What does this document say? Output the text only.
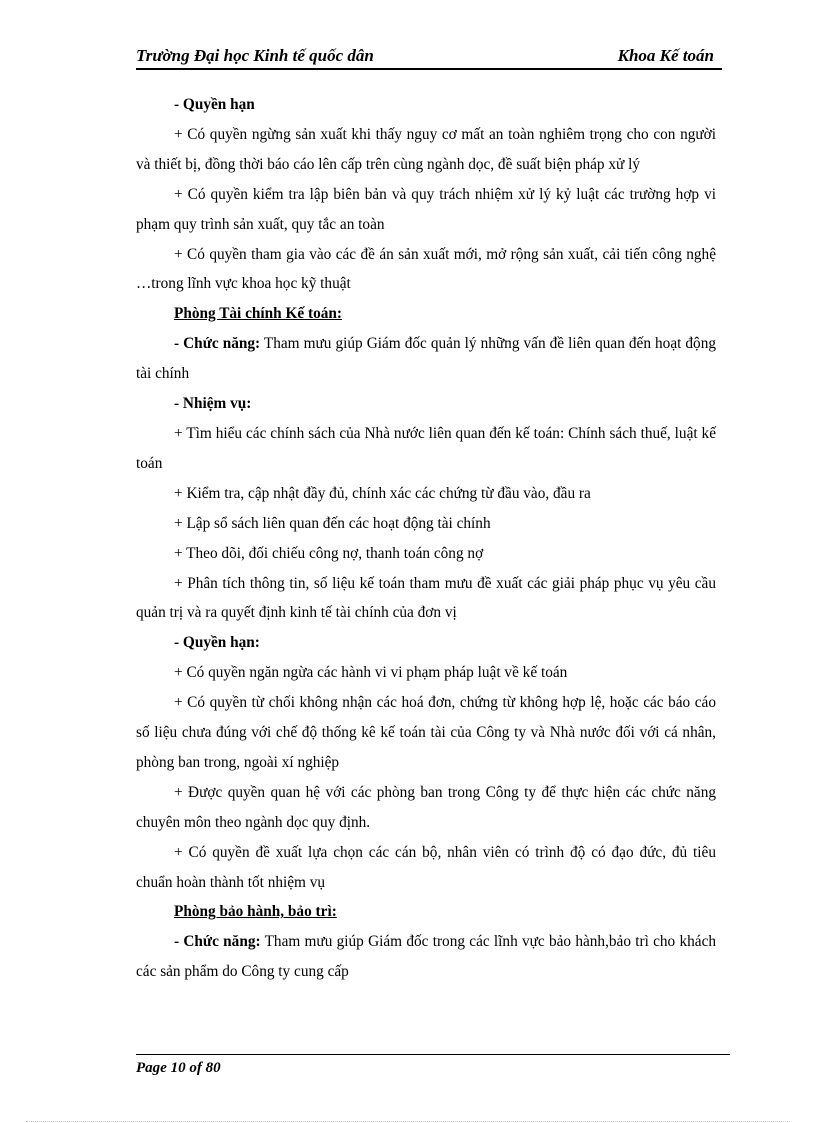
Trường Đại học Kinh tế quốc dân	Khoa Kế toán

- Quyền hạn

+ Có quyền ngừng sản xuất khi thấy nguy cơ mất an toàn nghiêm trọng cho con người và thiết bị, đồng thời báo cáo lên cấp trên cùng ngành dọc, đề suất biện pháp xử lý

+ Có quyền kiểm tra lập biên bản và quy trách nhiệm xử lý kỷ luật các trường hợp vi phạm quy trình sản xuất, quy tắc an toàn

+ Có quyền tham gia vào các đề án sản xuất mới, mở rộng sản xuất, cải tiến công nghệ …trong lĩnh vực khoa học kỹ thuật

Phòng Tài chính Kế toán:

- Chức năng: Tham mưu giúp Giám đốc quản lý những vấn đề liên quan đến hoạt động tài chính

- Nhiệm vụ:

+ Tìm hiểu các chính sách của Nhà nước liên quan đến kế toán: Chính sách thuế, luật kế toán

+ Kiểm tra, cập nhật đầy đủ, chính xác các chứng từ đầu vào, đầu ra

+ Lập sổ sách liên quan đến các hoạt động tài chính

+ Theo dõi, đối chiếu công nợ, thanh toán công nợ

+ Phân tích thông tin, số liệu kế toán tham mưu đề xuất các giải pháp phục vụ yêu cầu quản trị và ra quyết định kinh tế tài chính của đơn vị

- Quyền hạn:

+ Có quyền ngăn ngừa các hành vi vi phạm pháp luật về kế toán

+ Có quyền từ chối không nhận các hoá đơn, chứng từ không hợp lệ, hoặc các báo cáo số liệu chưa đúng với chế độ thống kê kế toán tài của Công ty và Nhà nước đối với cá nhân, phòng ban trong, ngoài xí nghiệp

+ Được quyền quan hệ với các phòng ban trong Công ty để thực hiện các chức năng chuyên môn theo ngành dọc quy định.

+ Có quyền đề xuất lựa chọn các cán bộ, nhân viên có trình độ có đạo đức, đủ tiêu chuẩn hoàn thành tốt nhiệm vụ

Phòng bảo hành, bảo trì:

- Chức năng: Tham mưu giúp Giám đốc trong các lĩnh vực bảo hành,bảo trì cho khách các sản phẩm do Công ty cung cấp

Page 10 of 80
